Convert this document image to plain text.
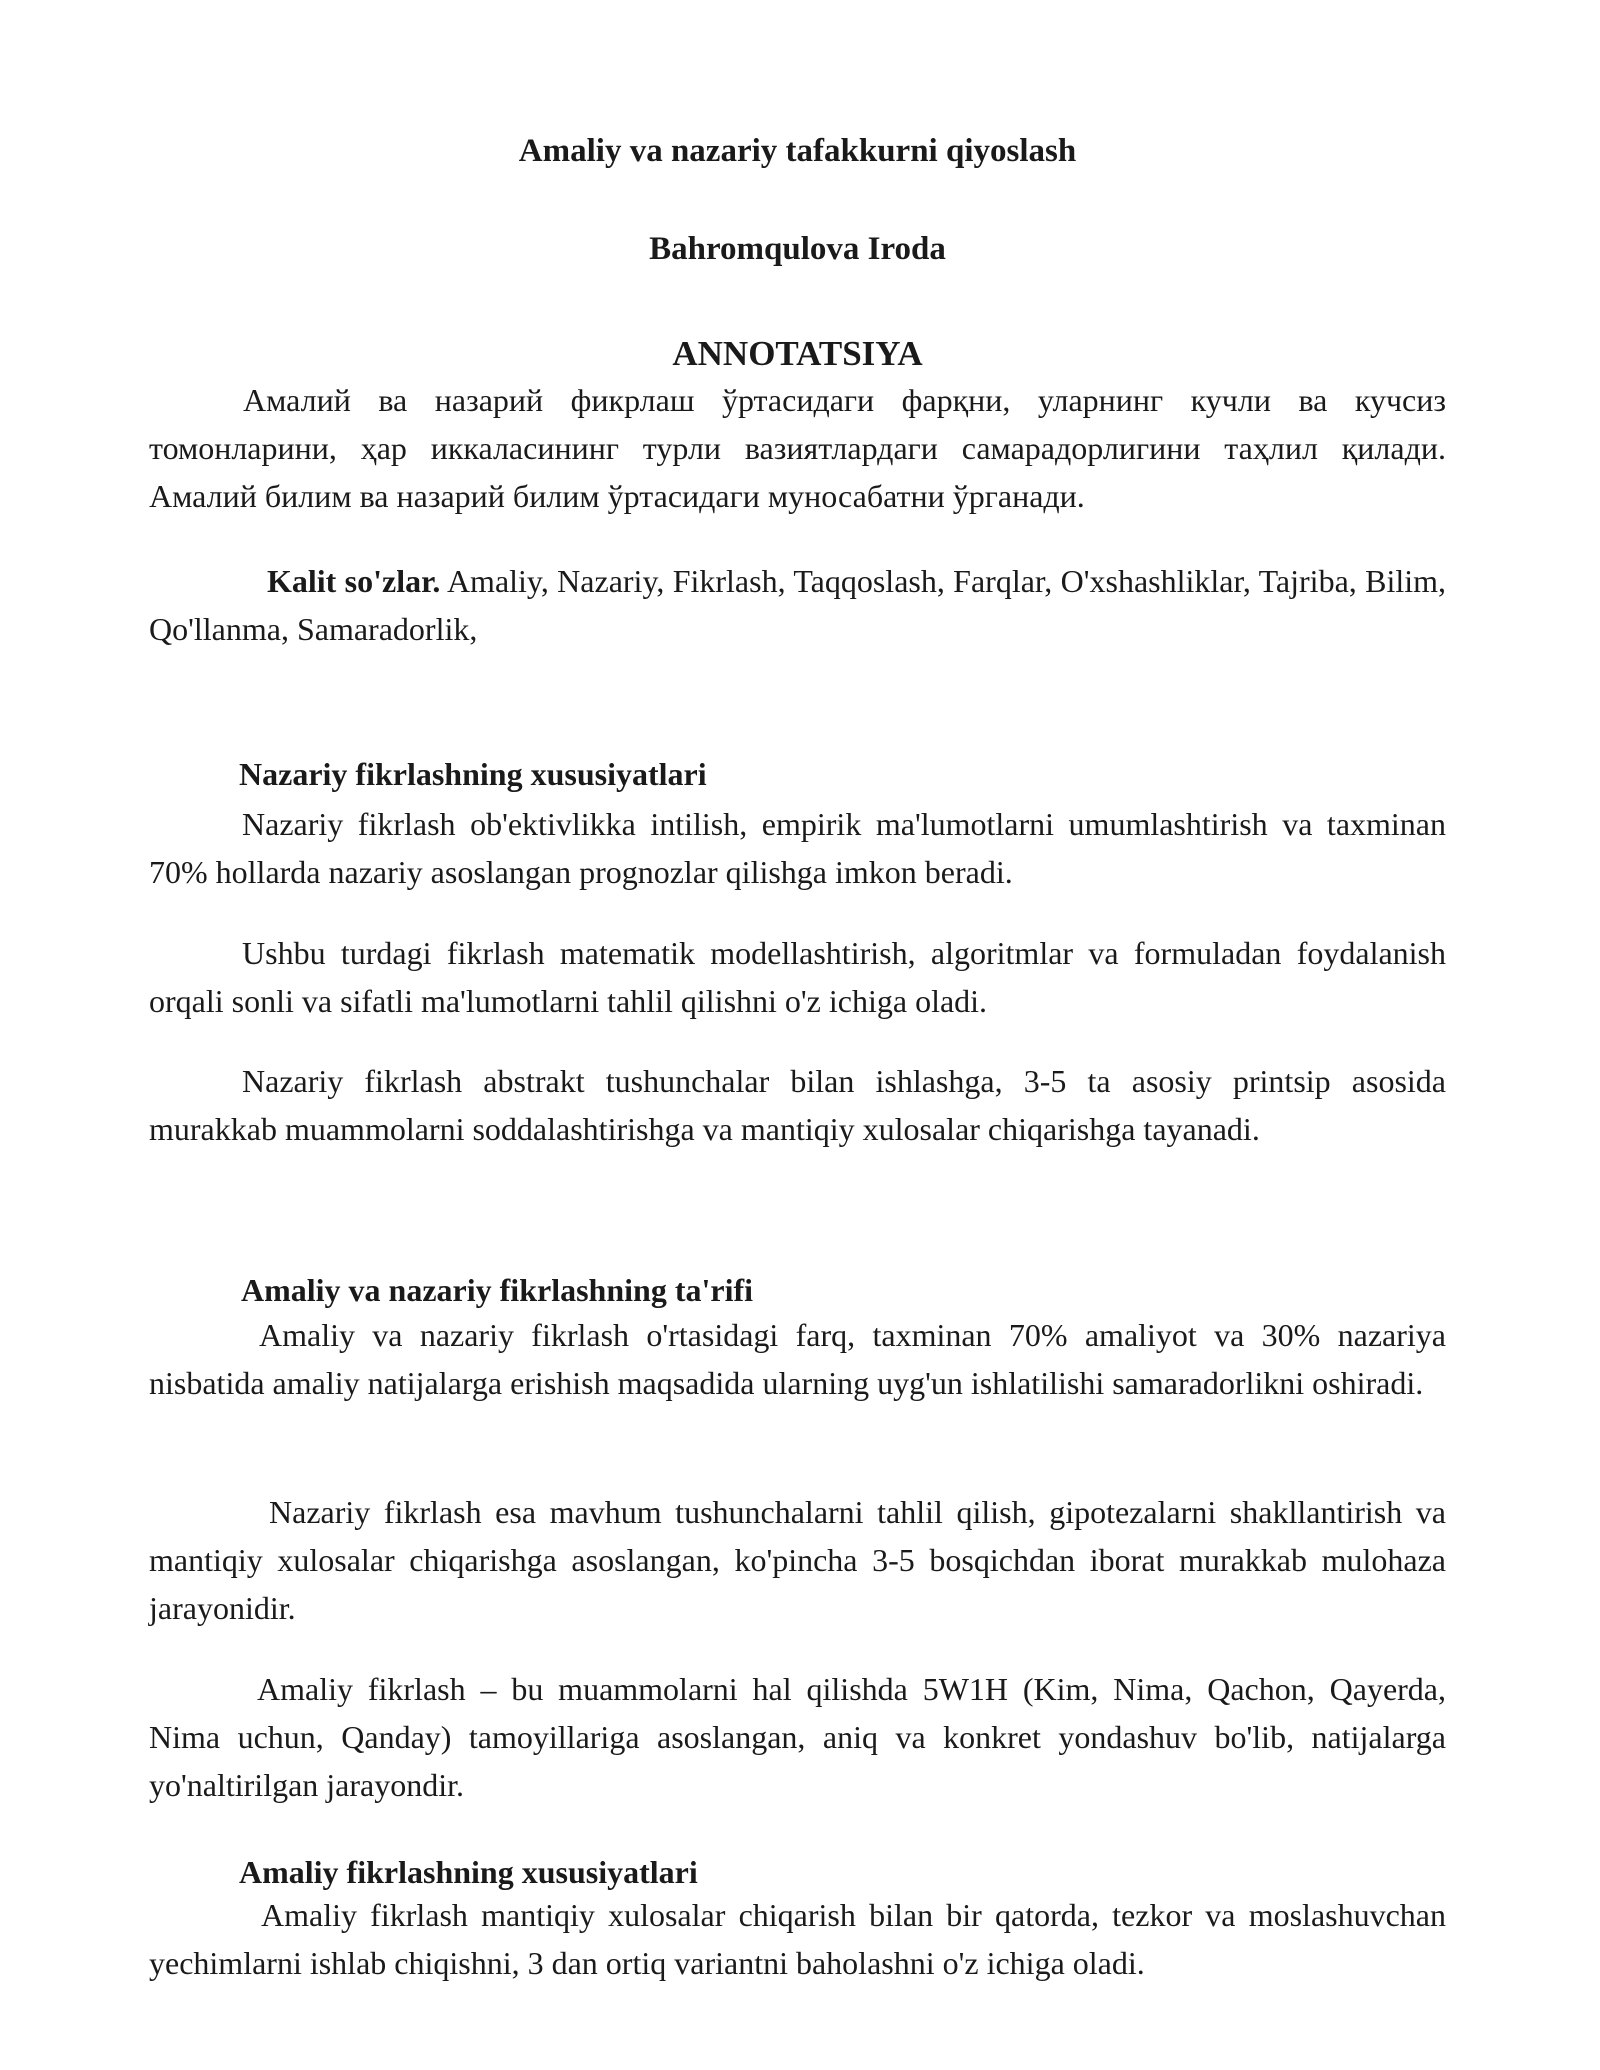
Amaliy va nazariy tafakkurni qiyoslash

Bahromqulova Iroda

ANNOTATSIYA

Амалий ва назарий фикрлаш ўртасидаги фарқни, уларнинг кучли ва кучсиз томонларини, ҳар иккаласининг турли вазиятлардаги самарадорлигини таҳлил қилади. Амалий билим ва назарий билим ўртасидаги муносабатни ўрганади.

Kalit so'zlar. Amaliy, Nazariy, Fikrlash, Taqqoslash, Farqlar, O'xshashliklar, Tajriba, Bilim, Qo'llanma, Samaradorlik,

Nazariy fikrlashning xususiyatlari

Nazariy fikrlash ob'ektivlikka intilish, empirik ma'lumotlarni umumlashtirish va taxminan 70% hollarda nazariy asoslangan prognozlar qilishga imkon beradi.

Ushbu turdagi fikrlash matematik modellashtirish, algoritmlar va formuladan foydalanish orqali sonli va sifatli ma'lumotlarni tahlil qilishni o'z ichiga oladi.

Nazariy fikrlash abstrakt tushunchalar bilan ishlashga, 3-5 ta asosiy printsip asosida murakkab muammolarni soddalashtirishga va mantiqiy xulosalar chiqarishga tayanadi.

Amaliy va nazariy fikrlashning ta'rifi

Amaliy va nazariy fikrlash o'rtasidagi farq, taxminan 70% amaliyot va 30% nazariya nisbatida amaliy natijalarga erishish maqsadida ularning uyg'un ishlatilishi samaradorlikni oshiradi.

Nazariy fikrlash esa mavhum tushunchalarni tahlil qilish, gipotezalarni shakllantirish va mantiqiy xulosalar chiqarishga asoslangan, ko'pincha 3-5 bosqichdan iborat murakkab mulohaza jarayonidir.

Amaliy fikrlash – bu muammolarni hal qilishda 5W1H (Kim, Nima, Qachon, Qayerda, Nima uchun, Qanday) tamoyillariga asoslangan, aniq va konkret yondashuv bo'lib, natijalarga yo'naltirilgan jarayondir.

Amaliy fikrlashning xususiyatlari

Amaliy fikrlash mantiqiy xulosalar chiqarish bilan bir qatorda, tezkor va moslashuvchan yechimlarni ishlab chiqishni, 3 dan ortiq variantni baholashni o'z ichiga oladi.
